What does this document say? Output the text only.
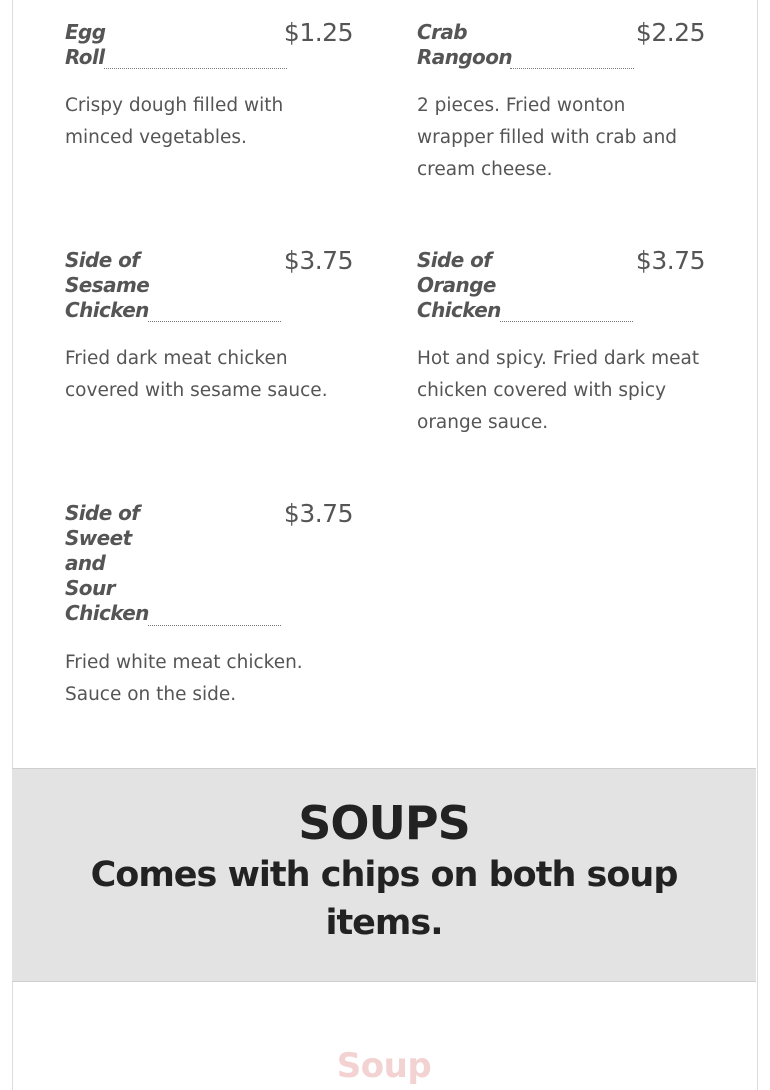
Egg Roll
$1.25
Crispy dough filled with minced vegetables.
Crab Rangoon
$2.25
2 pieces. Fried wonton wrapper filled with crab and cream cheese.
Side of Sesame Chicken
$3.75
Fried dark meat chicken covered with sesame sauce.
Side of Orange Chicken
$3.75
Hot and spicy. Fried dark meat chicken covered with spicy orange sauce.
Side of Sweet and Sour Chicken
$3.75
Fried white meat chicken. Sauce on the side.
SOUPS
Comes with chips on both soup items.
Soup
